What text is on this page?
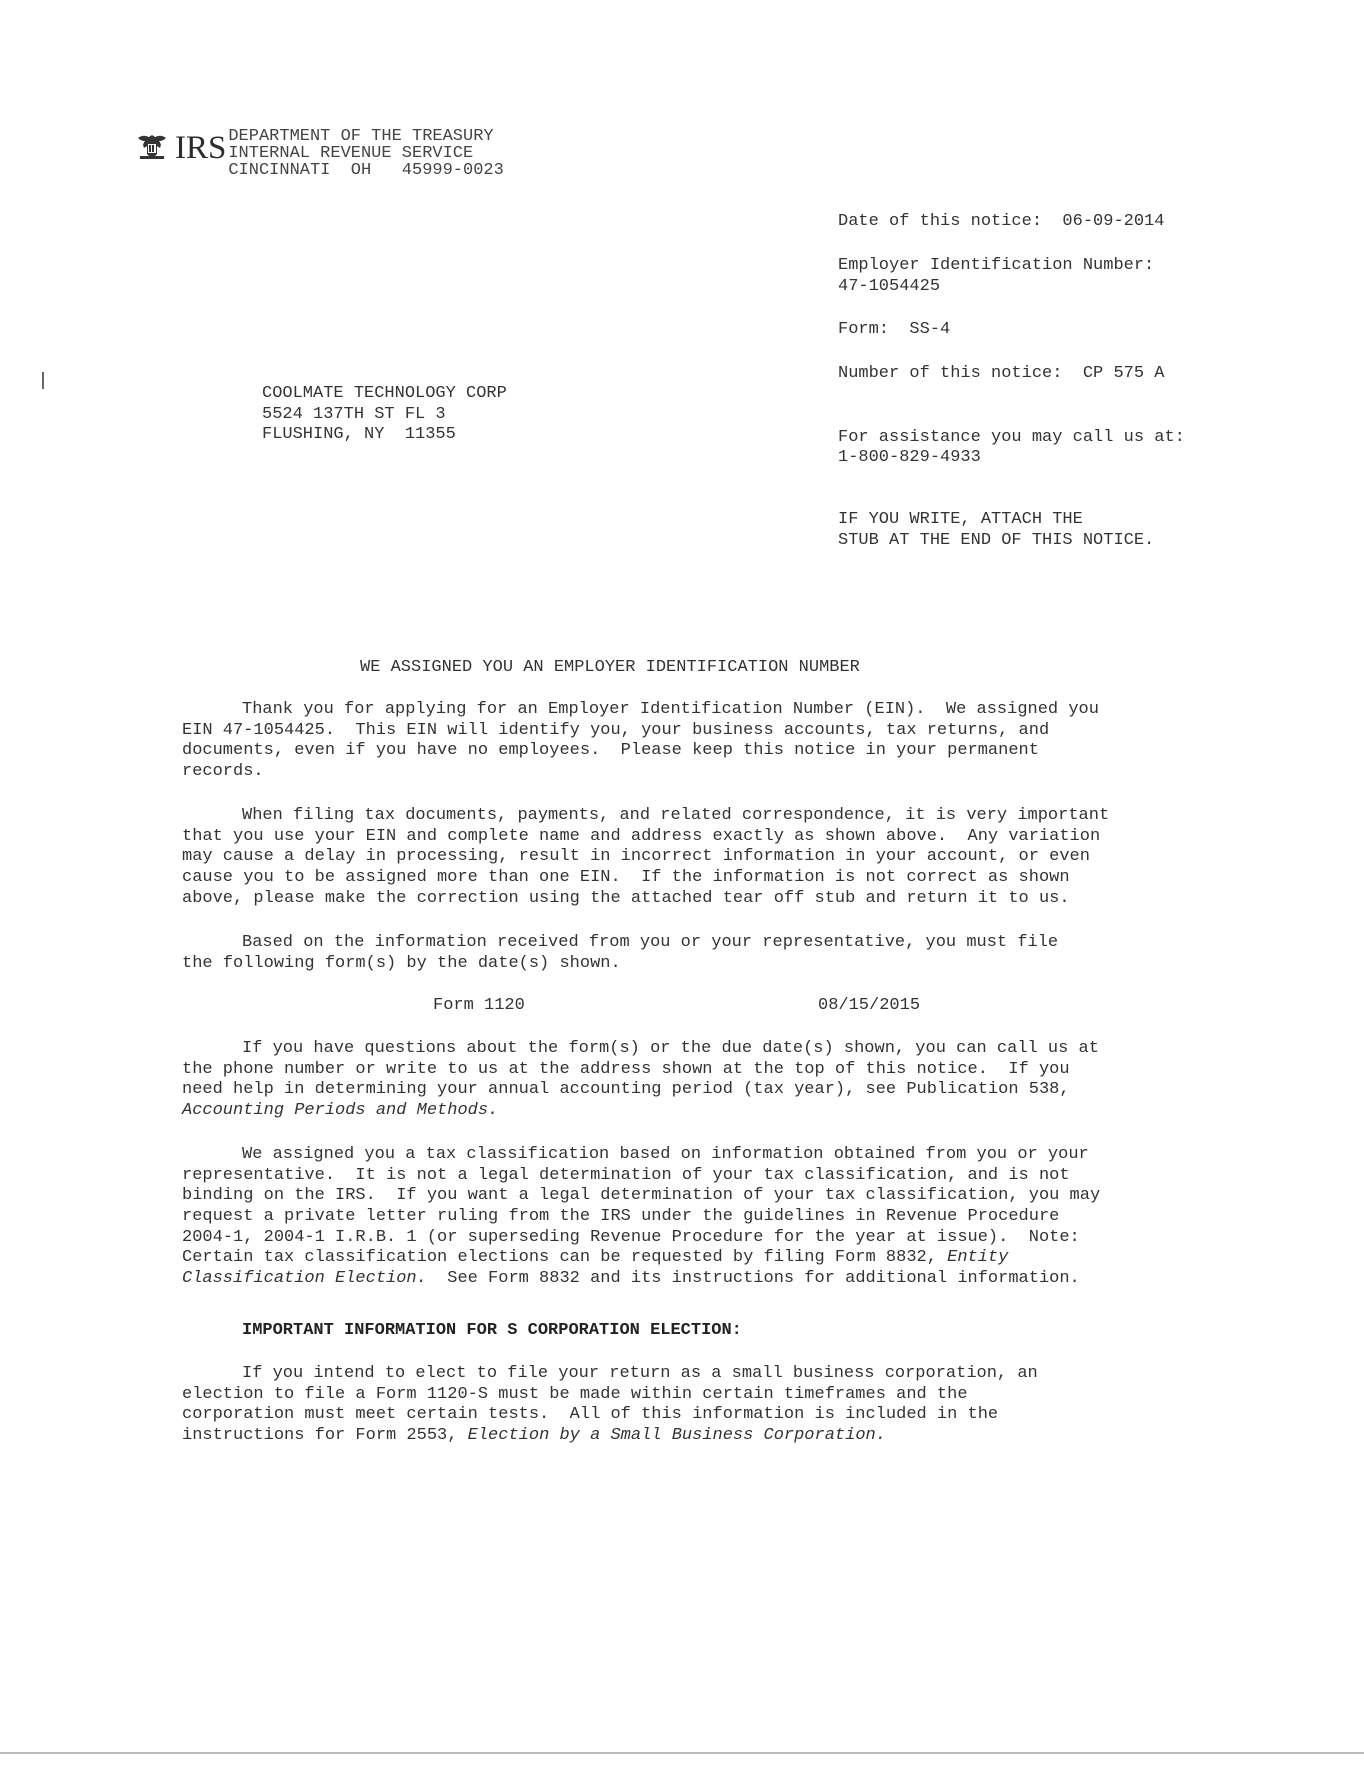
IRS DEPARTMENT OF THE TREASURY
INTERNAL REVENUE SERVICE
CINCINNATI  OH   45999-0023
Date of this notice:  06-09-2014
Employer Identification Number:
47-1054425
Form:  SS-4
Number of this notice:  CP 575 A
For assistance you may call us at:
1-800-829-4933
IF YOU WRITE, ATTACH THE
STUB AT THE END OF THIS NOTICE.
COOLMATE TECHNOLOGY CORP
5524 137TH ST FL 3
FLUSHING, NY  11355
WE ASSIGNED YOU AN EMPLOYER IDENTIFICATION NUMBER
Thank you for applying for an Employer Identification Number (EIN).  We assigned you
EIN 47-1054425.  This EIN will identify you, your business accounts, tax returns, and
documents, even if you have no employees.  Please keep this notice in your permanent
records.
When filing tax documents, payments, and related correspondence, it is very important
that you use your EIN and complete name and address exactly as shown above.  Any variation
may cause a delay in processing, result in incorrect information in your account, or even
cause you to be assigned more than one EIN.  If the information is not correct as shown
above, please make the correction using the attached tear off stub and return it to us.
Based on the information received from you or your representative, you must file
the following form(s) by the date(s) shown.
Form 1120	08/15/2015
If you have questions about the form(s) or the due date(s) shown, you can call us at
the phone number or write to us at the address shown at the top of this notice.  If you
need help in determining your annual accounting period (tax year), see Publication 538,
Accounting Periods and Methods.
We assigned you a tax classification based on information obtained from you or your
representative.  It is not a legal determination of your tax classification, and is not
binding on the IRS.  If you want a legal determination of your tax classification, you may
request a private letter ruling from the IRS under the guidelines in Revenue Procedure
2004-1, 2004-1 I.R.B. 1 (or superseding Revenue Procedure for the year at issue).  Note:
Certain tax classification elections can be requested by filing Form 8832, Entity
Classification Election.  See Form 8832 and its instructions for additional information.
IMPORTANT INFORMATION FOR S CORPORATION ELECTION:
If you intend to elect to file your return as a small business corporation, an
election to file a Form 1120-S must be made within certain timeframes and the
corporation must meet certain tests.  All of this information is included in the
instructions for Form 2553, Election by a Small Business Corporation.
